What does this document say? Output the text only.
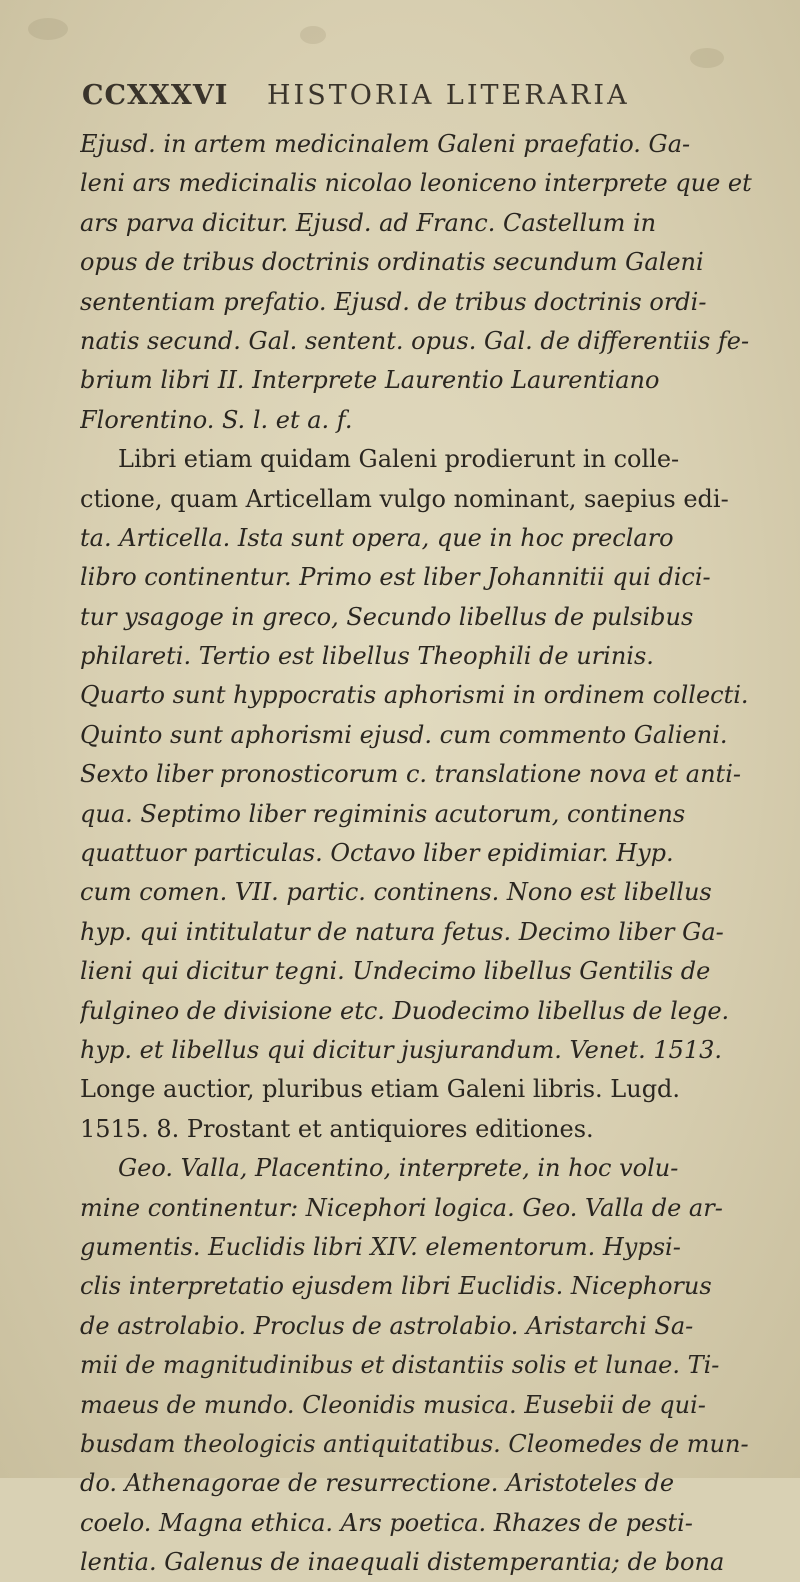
CCXXXVI HISTORIA LITERARIA
Ejusd. in artem medicinalem Galeni praefatio. Ga-
leni ars medicinalis nicolao leoniceno interprete que et
ars parva dicitur. Ejusd. ad Franc. Castellum in
opus de tribus doctrinis ordinatis secundum Galeni
sententiam prefatio. Ejusd. de tribus doctrinis ordi-
natis secund. Gal. sentent. opus. Gal. de differentiis fe-
brium libri II. Interprete Laurentio Laurentiano
Florentino. S. l. et a. f.
Libri etiam quidam Galeni prodierunt in colle-
ctione, quam Articellam vulgo nominant, saepius edi-
ta. Articella. Ista sunt opera, que in hoc preclaro
libro continentur. Primo est liber Johannitii qui dici-
tur ysagoge in greco, Secundo libellus de pulsibus
philareti. Tertio est libellus Theophili de urinis.
Quarto sunt hyppocratis aphorismi in ordinem collecti.
Quinto sunt aphorismi ejusd. cum commento Galieni.
Sexto liber pronosticorum c. translatione nova et anti-
qua. Septimo liber regiminis acutorum, continens
quattuor particulas. Octavo liber epidimiar. Hyp.
cum comen. VII. partic. continens. Nono est libellus
hyp. qui intitulatur de natura fetus. Decimo liber Ga-
lieni qui dicitur tegni. Undecimo libellus Gentilis de
fulgineo de divisione etc. Duodecimo libellus de lege.
hyp. et libellus qui dicitur jusjurandum. Venet. 1513.
Longe auctior, pluribus etiam Galeni libris. Lugd.
1515. 8. Prostant et antiquiores editiones.
Geo. Valla, Placentino, interprete, in hoc volu-
mine continentur: Nicephori logica. Geo. Valla de ar-
gumentis. Euclidis libri XIV. elementorum. Hypsi-
clis interpretatio ejusdem libri Euclidis. Nicephorus
de astrolabio. Proclus de astrolabio. Aristarchi Sa-
mii de magnitudinibus et distantiis solis et lunae. Ti-
maeus de mundo. Cleonidis musica. Eusebii de qui-
busdam theologicis antiquitatibus. Cleomedes de mun-
do. Athenagorae de resurrectione. Aristoteles de
coelo. Magna ethica. Ars poetica. Rhazes de pesti-
lentia. Galenus de inaequali distemperantia; de bona
